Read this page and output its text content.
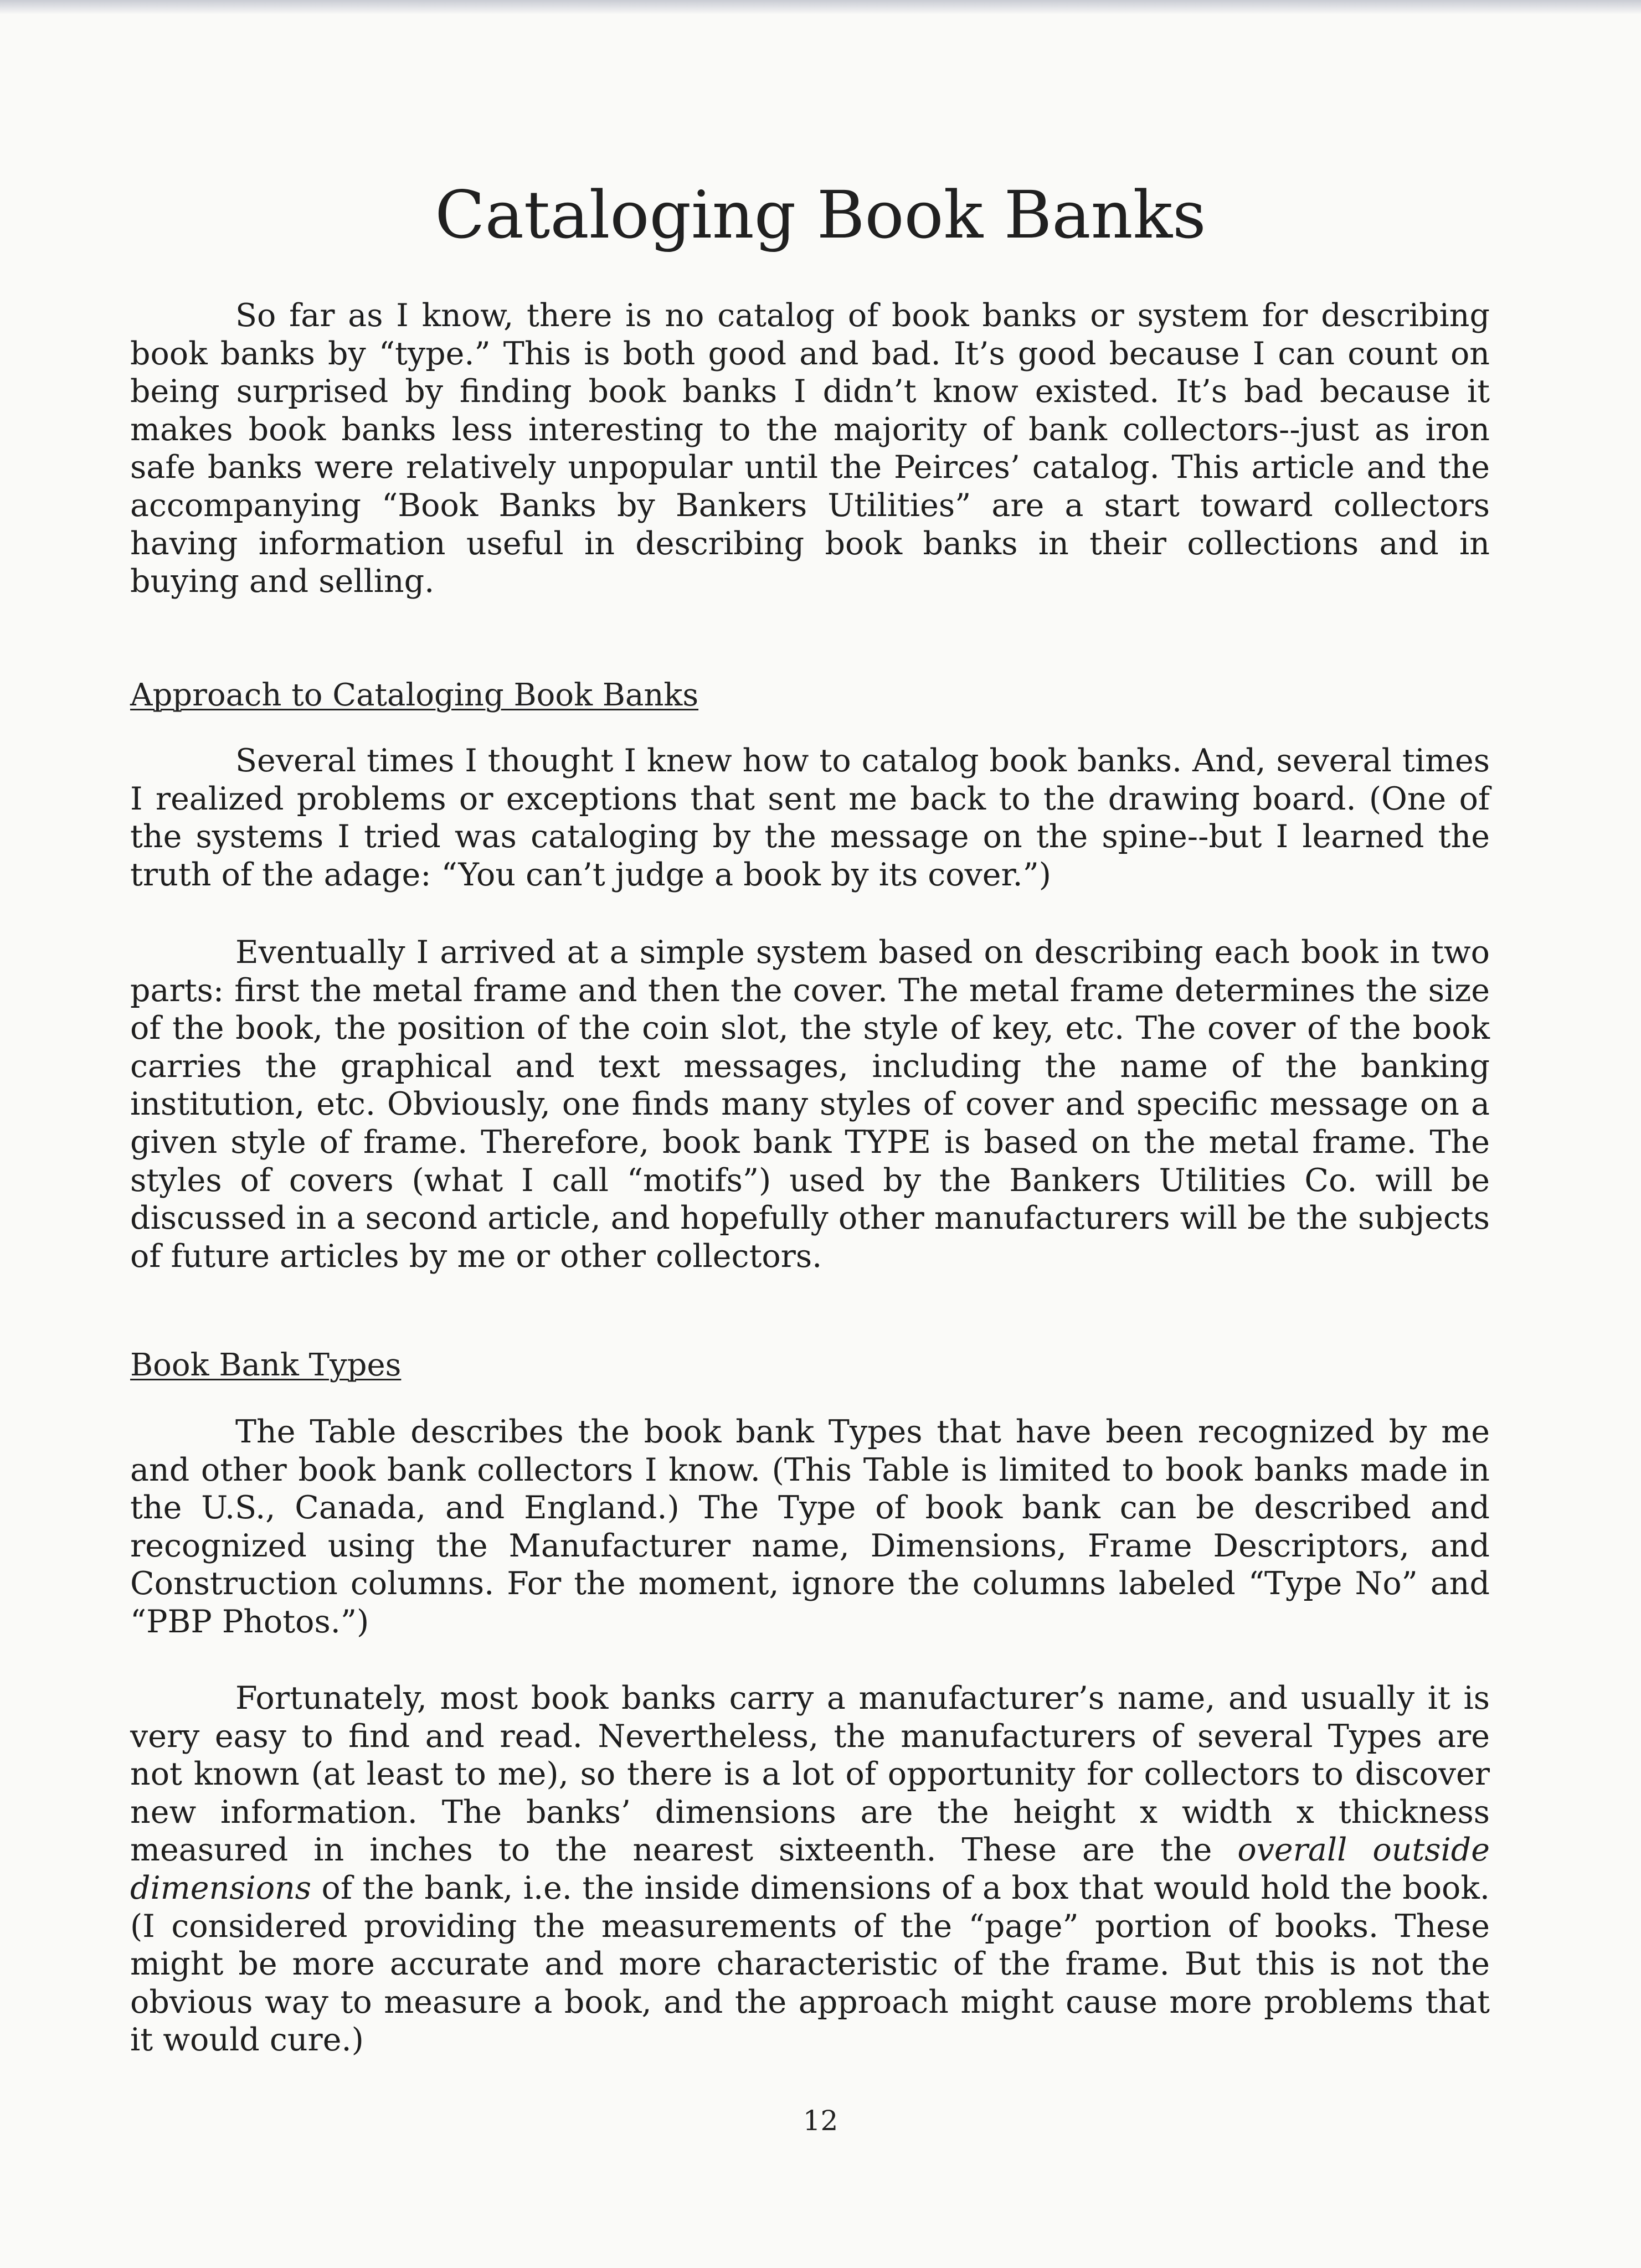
Cataloging Book Banks

So far as I know, there is no catalog of book banks or system for describing book banks by “type.” This is both good and bad. It’s good because I can count on being surprised by finding book banks I didn’t know existed. It’s bad because it makes book banks less interesting to the majority of bank collectors--just as iron safe banks were relatively unpopular until the Peirces’ catalog. This article and the accompanying “Book Banks by Bankers Utilities” are a start toward collectors having information useful in describing book banks in their collections and in buying and selling.

Approach to Cataloging Book Banks

Several times I thought I knew how to catalog book banks. And, several times I realized problems or exceptions that sent me back to the drawing board. (One of the systems I tried was cataloging by the message on the spine--but I learned the truth of the adage: “You can’t judge a book by its cover.”)

Eventually I arrived at a simple system based on describing each book in two parts: first the metal frame and then the cover. The metal frame determines the size of the book, the position of the coin slot, the style of key, etc. The cover of the book carries the graphical and text messages, including the name of the banking institution, etc. Obviously, one finds many styles of cover and specific message on a given style of frame. Therefore, book bank TYPE is based on the metal frame. The styles of covers (what I call “motifs”) used by the Bankers Utilities Co. will be discussed in a second article, and hopefully other manufacturers will be the subjects of future articles by me or other collectors.

Book Bank Types

The Table describes the book bank Types that have been recognized by me and other book bank collectors I know. (This Table is limited to book banks made in the U.S., Canada, and England.) The Type of book bank can be described and recognized using the Manufacturer name, Dimensions, Frame Descriptors, and Construction columns. For the moment, ignore the columns labeled “Type No” and “PBP Photos.”)

Fortunately, most book banks carry a manufacturer’s name, and usually it is very easy to find and read. Nevertheless, the manufacturers of several Types are not known (at least to me), so there is a lot of opportunity for collectors to discover new information. The banks’ dimensions are the height x width x thickness measured in inches to the nearest sixteenth. These are the overall outside dimensions of the bank, i.e. the inside dimensions of a box that would hold the book. (I considered providing the measurements of the “page” portion of books. These might be more accurate and more characteristic of the frame. But this is not the obvious way to measure a book, and the approach might cause more problems that it would cure.)

12
